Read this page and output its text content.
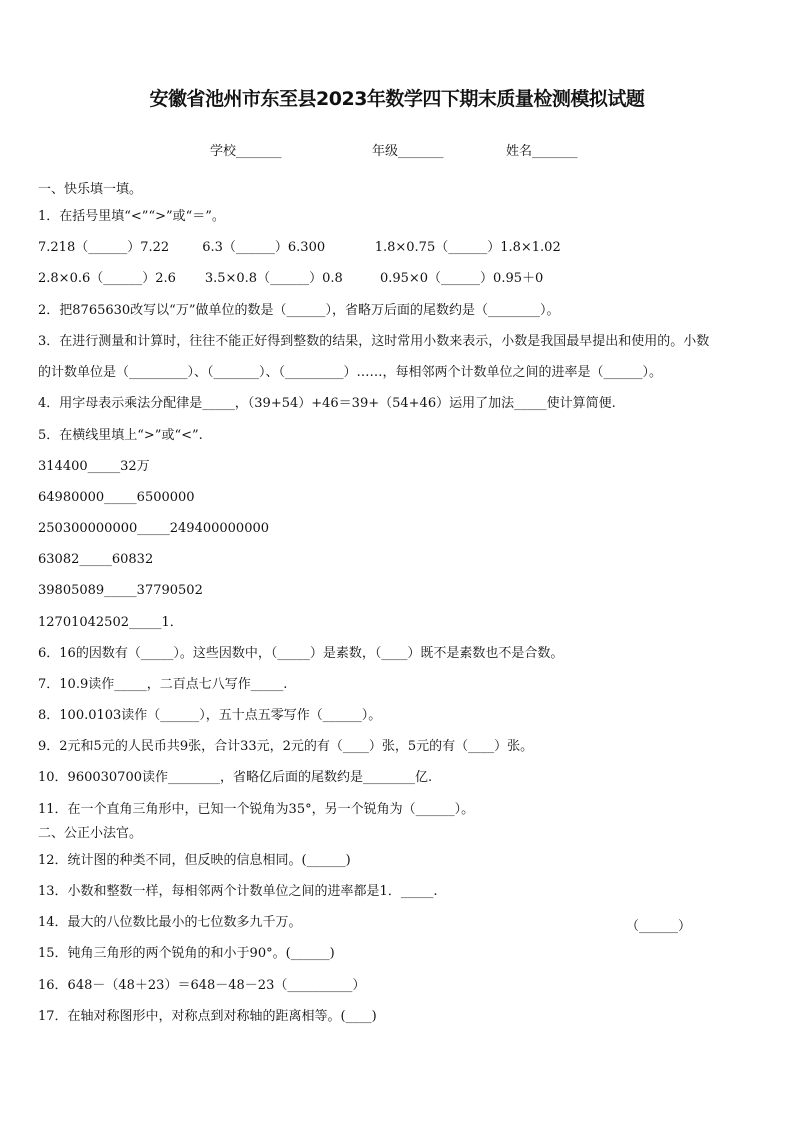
安徽省池州市东至县2023年数学四下期末质量检测模拟试题
学校_______	年级_______	姓名_______
一、快乐填一填。
1．在括号里填“<”“>”或“＝”。
7.218（______）7.22        6.3（______）6.300            1.8×0.75（______）1.8×1.02
2.8×0.6（______）2.6       3.5×0.8（______）0.8         0.95×0（______）0.95＋0
2．把8765630改写以“万”做单位的数是（______），省略万后面的尾数约是（________）。
3．在进行测量和计算时，往往不能正好得到整数的结果，这时常用小数来表示，小数是我国最早提出和使用的。小数
的计数单位是（_________）、（_______）、（_________）……，每相邻两个计数单位之间的进率是（______）。
4．用字母表示乘法分配律是_____，（39+54）+46＝39+（54+46）运用了加法_____使计算简便.
5．在横线里填上“>”或“<”.
314400_____32万
64980000_____6500000
250300000000_____249400000000
63082_____60832
39805089_____37790502
12701042502_____1．
6．16的因数有（_____）。这些因数中，（_____）是素数，（____）既不是素数也不是合数。
7．10.9读作_____，二百点七八写作_____.
8．100.0103读作（______），五十点五零写作（______）。
9．2元和5元的人民币共9张，合计33元，2元的有（____）张，5元的有（____）张。
10．960030700读作________，省略亿后面的尾数约是________亿.
11．在一个直角三角形中，已知一个锐角为35°，另一个锐角为（______）。
二、公正小法官。
12．统计图的种类不同，但反映的信息相同。(______)
13．小数和整数一样，每相邻两个计数单位之间的进率都是1．_____.
14．最大的八位数比最小的七位数多九千万。	（______）
15．钝角三角形的两个锐角的和小于90°。(______)
16．648－（48＋23）＝648－48－23（__________）
17．在轴对称图形中，对称点到对称轴的距离相等。(____)
